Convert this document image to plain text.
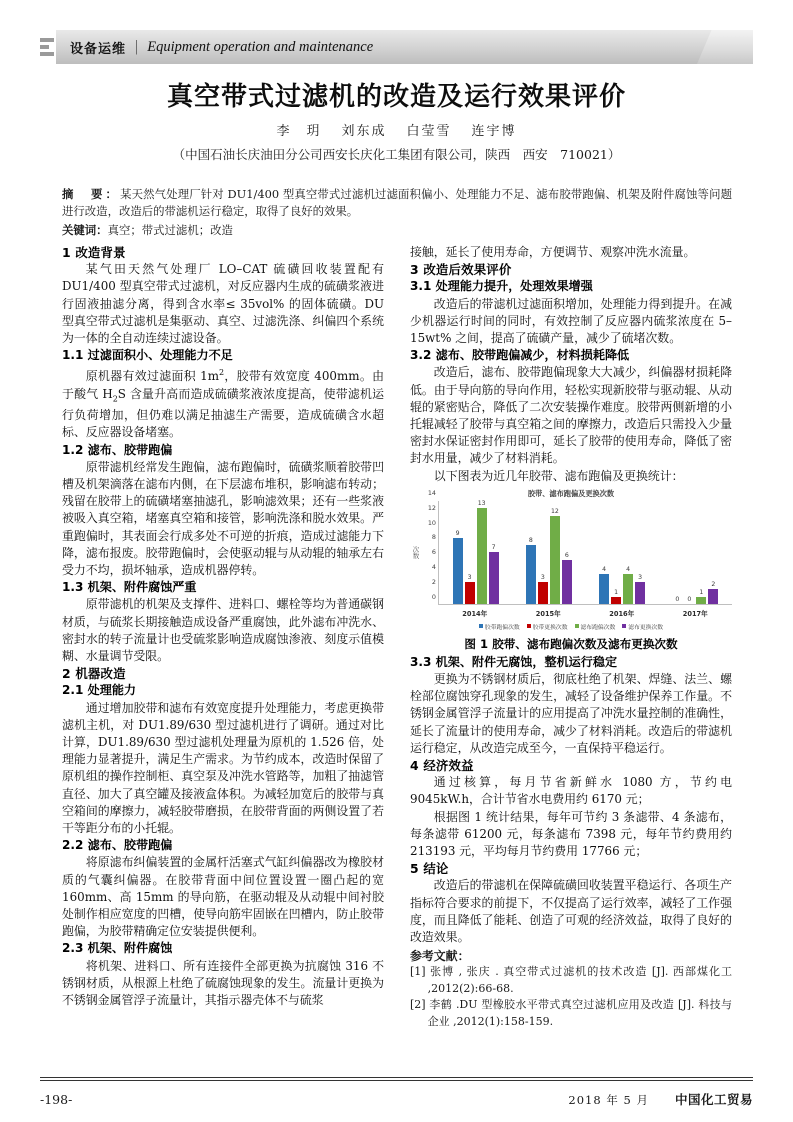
设备运维 | Equipment operation and maintenance
真空带式过滤机的改造及运行效果评价
李　玥 刘东成 白莹雪 连宇博
（中国石油长庆油田分公司西安长庆化工集团有限公司，陕西　西安　710021）
摘　要：某天然气处理厂针对 DU1/400 型真空带式过滤机过滤面积偏小、处理能力不足、滤布胶带跑偏、机架及附件腐蚀等问题进行改造，改造后的带滤机运行稳定，取得了良好的效果。
关键词：真空；带式过滤机；改造
1 改造背景

某气田天然气处理厂 LO–CAT 硫磺回收装置配有 DU1/400 型真空带式过滤机，对反应器内生成的硫磺浆液进行固液抽滤分离，得到含水率≤ 35vol% 的固体硫磺。DU 型真空带式过滤机是集驱动、真空、过滤洗涤、纠偏四个系统为一体的全自动连续过滤设备。

1.1 过滤面积小、处理能力不足

原机器有效过滤面积 $1m^2$，胶带有效宽度 400mm。由于酸气 $H_2S$ 含量升高而造成硫磺浆液浓度提高，使带滤机运行负荷增加，但仍难以满足抽滤生产需要，造成硫磺含水超标、反应器设备堵塞。

1.2 滤布、胶带跑偏

原带滤机经常发生跑偏，滤布跑偏时，硫磺浆顺着胶带凹槽及机架滴落在滤布内侧，在下层滤布堆积，影响滤布转动；残留在胶带上的硫磺堵塞抽滤孔，影响滤效果；还有一些浆液被吸入真空箱，堵塞真空箱和接管，影响洗涤和脱水效果。严重跑偏时，其表面会行成多处不可逆的折痕，造成过滤能力下降，滤布报废。胶带跑偏时，会使驱动辊与从动辊的轴承左右受力不均，损坏轴承，造成机器停转。

1.3 机架、附件腐蚀严重

原带滤机的机架及支撑件、进料口、螺栓等均为普通碳钢材质，与硫浆长期接触造成设备严重腐蚀，此外滤布冲洗水、密封水的转子流量计也受硫浆影响造成腐蚀渗液、刻度示值模糊、水量调节受限。

2 机器改造
2.1 处理能力

通过增加胶带和滤布有效宽度提升处理能力，考虑更换带滤机主机，对 DU1.89/630 型过滤机进行了调研。通过对比计算，DU1.89/630 型过滤机处理量为原机的 1.526 倍，处理能力显著提升，满足生产需求。为节约成本，改造时保留了原机组的操作控制柜、真空泵及冲洗水管路等，加粗了抽滤管直径、加大了真空罐及接液盒体积。为减轻加宽后的胶带与真空箱间的摩擦力，减轻胶带磨损，在胶带背面的两侧设置了若干等距分布的小托辊。

2.2 滤布、胶带跑偏

将原滤布纠偏装置的金属杆活塞式气缸纠偏器改为橡胶材质的气囊纠偏器。在胶带背面中间位置设置一圈凸起的宽 160mm、高 15mm 的导向筋，在驱动辊及从动辊中间衬胶处制作相应宽度的凹槽，使导向筋牢固嵌在凹槽内，防止胶带跑偏，为胶带精确定位安装提供便利。

2.3 机架、附件腐蚀

将机架、进料口、所有连接件全部更换为抗腐蚀 316 不锈钢材质，从根源上杜绝了硫腐蚀现象的发生。流量计更换为不锈钢金属管浮子流量计，其指示器壳体不与硫浆

接触，延长了使用寿命，方便调节、观察冲洗水流量。

3 改造后效果评价
3.1 处理能力提升，处理效果增强

改造后的带滤机过滤面积增加，处理能力得到提升。在减少机器运行时间的同时，有效控制了反应器内硫浆浓度在 5–15wt% 之间，提高了硫磺产量，减少了硫堵次数。

3.2 滤布、胶带跑偏减少，材料损耗降低

改造后，滤布、胶带跑偏现象大大减少，纠偏器材损耗降低。由于导向筋的导向作用，轻松实现新胶带与驱动辊、从动辊的紧密贴合，降低了二次安装操作难度。胶带两侧新增的小托辊减轻了胶带与真空箱之间的摩擦力，改造后只需投入少量密封水保证密封作用即可，延长了胶带的使用寿命，降低了密封水用量，减少了材料消耗。

以下图表为近几年胶带、滤布跑偏及更换统计：

胶带、滤布跑偏及更换次数
次数
0
2
4
6
8
10
12
14
9
3
13
7
8
3
12
6
4
1
4
3
0 0
1
2
2014年	2015年	2016年	2017年
胶带跑偏次数 胶带更换次数 滤布跑偏次数 滤布更换次数
图 1 胶带、滤布跑偏次数及滤布更换次数
3.3 机架、附件无腐蚀，整机运行稳定

更换为不锈钢材质后，彻底杜绝了机架、焊缝、法兰、螺栓部位腐蚀穿孔现象的发生，减轻了设备维护保养工作量。不锈钢金属管浮子流量计的应用提高了冲洗水量控制的准确性，延长了流量计的使用寿命，减少了材料消耗。改造后的带滤机运行稳定，从改造完成至今，一直保持平稳运行。

4 经济效益

通过核算，每月节省新鲜水 1080 方，节约电 9045kW.h，合计节省水电费用约 6170 元；

根据图 1 统计结果，每年可节约 3 条滤带、4 条滤布，每条滤带 61200 元，每条滤布 7398 元，每年节约费用约 213193 元，平均每月节约费用 17766 元；

5 结论

改造后的带滤机在保障硫磺回收装置平稳运行、各项生产指标符合要求的前提下，不仅提高了运行效率，减轻了工作强度，而且降低了能耗、创造了可观的经济效益，取得了良好的改造效果。

参考文献：

[1] 张博 , 张庆 . 真空带式过滤机的技术改造 [J]. 西部煤化工 ,2012(2):66-68.

[2] 李鹤 .DU 型橡胶水平带式真空过滤机应用及改造 [J]. 科技与企业 ,2012(1):158-159.

-198-	2018 年 5 月 中国化工贸易
